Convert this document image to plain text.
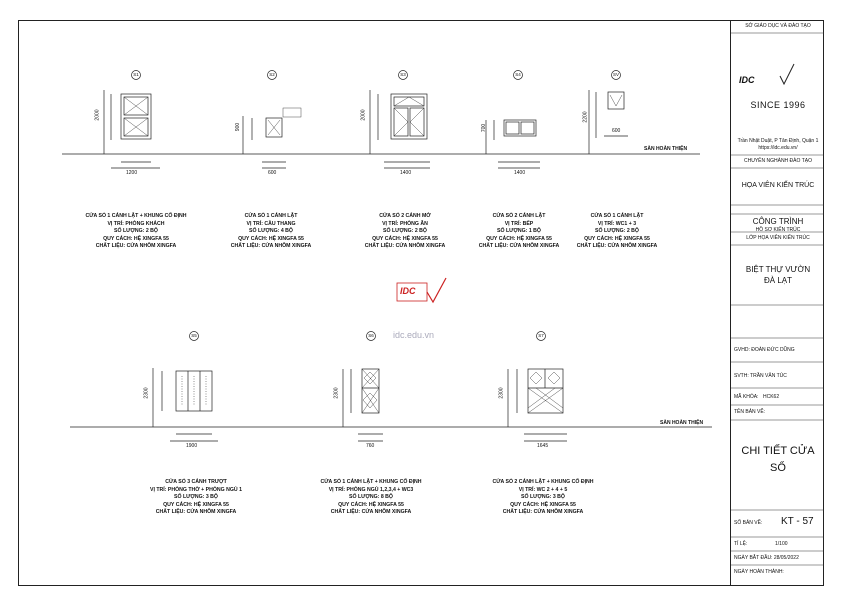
S1	S2	S3	S4	SV
S5	S6	S7
1200	600	1400	1400
600
1900	760	1645
2000
900
2000
700
2200
2300	2300	2300
SÀN HOÀN THIỆN
SÀN HOÀN THIỆN
IDC
idc.edu.vn
CỬA SỔ 1 CÁNH LẬT + KHUNG CỐ ĐỊNH
VỊ TRÍ: PHÒNG KHÁCH
SỐ LƯỢNG: 2 BỘ
QUY CÁCH: HỆ XINGFA 55
CHẤT LIỆU: CỬA NHÔM XINGFA
CỬA SỔ 1 CÁNH LẬT
VỊ TRÍ: CẦU THANG
SỐ LƯỢNG: 4 BỘ
QUY CÁCH: HỆ XINGFA 55
CHẤT LIỆU: CỬA NHÔM XINGFA
CỬA SỔ 2 CÁNH MỞ
VỊ TRÍ: PHÒNG ĂN
SỐ LƯỢNG: 2 BỘ
QUY CÁCH: HỆ XINGFA 55
CHẤT LIỆU: CỬA NHÔM XINGFA
CỬA SỔ 2 CÁNH LẬT
VỊ TRÍ: BẾP
SỐ LƯỢNG: 1 BỘ
QUY CÁCH: HỆ XINGFA 55
CHẤT LIỆU: CỬA NHÔM XINGFA
CỬA SỔ 1 CÁNH LẬT
VỊ TRÍ: WC1 + 3
SỐ LƯỢNG: 2 BỘ
QUY CÁCH: HỆ XINGFA 55
CHẤT LIỆU: CỬA NHÔM XINGFA
CỬA SỔ 3 CÁNH TRƯỢT
VỊ TRÍ: PHÒNG THỜ + PHÒNG NGỦ 1
SỐ LƯỢNG: 3 BỘ
QUY CÁCH: HỆ XINGFA 55
CHẤT LIỆU: CỬA NHÔM XINGFA
CỬA SỔ 1 CÁNH LẬT + KHUNG CỐ ĐỊNH
VỊ TRÍ: PHÒNG NGỦ 1,2,3,4 + WC3
SỐ LƯỢNG: 8 BỘ
QUY CÁCH: HỆ XINGFA 55
CHẤT LIỆU: CỬA NHÔM XINGFA
CỬA SỔ 2 CÁNH LẬT + KHUNG CỐ ĐỊNH
VỊ TRÍ: WC 2 + 4 + 5
SỐ LƯỢNG: 3 BỘ
QUY CÁCH: HỆ XINGFA 55
CHẤT LIỆU: CỬA NHÔM XINGFA
SỞ GIÁO DỤC VÀ ĐÀO TẠO
IDC
SINCE 1996
Trần Nhật Duật, P Tân Định, Quận 1
https://idc.edu.vn/
CHUYÊN NGHÀNH ĐÀO TẠO
HỌA VIÊN KIẾN TRÚC
CÔNG TRÌNH
HỒ SƠ KIẾN TRÚC
LỚP HỌA VIÊN KIẾN TRÚC
BIỆT THỰ VƯỜN
ĐÀ LẠT
GVHD: ĐOÀN ĐỨC DŨNG
SVTH: TRẦN VĂN TÚC
MÃ KHÓA: HCK62
TÊN BẢN VẼ:
CHI TIẾT CỬA
SỔ
SỐ BẢN VẼ: KT - 57
TỈ LỆ:	1/100
NGÀY BẮT ĐẦU: 28/05/2022
NGÀY HOÀN THÀNH:
